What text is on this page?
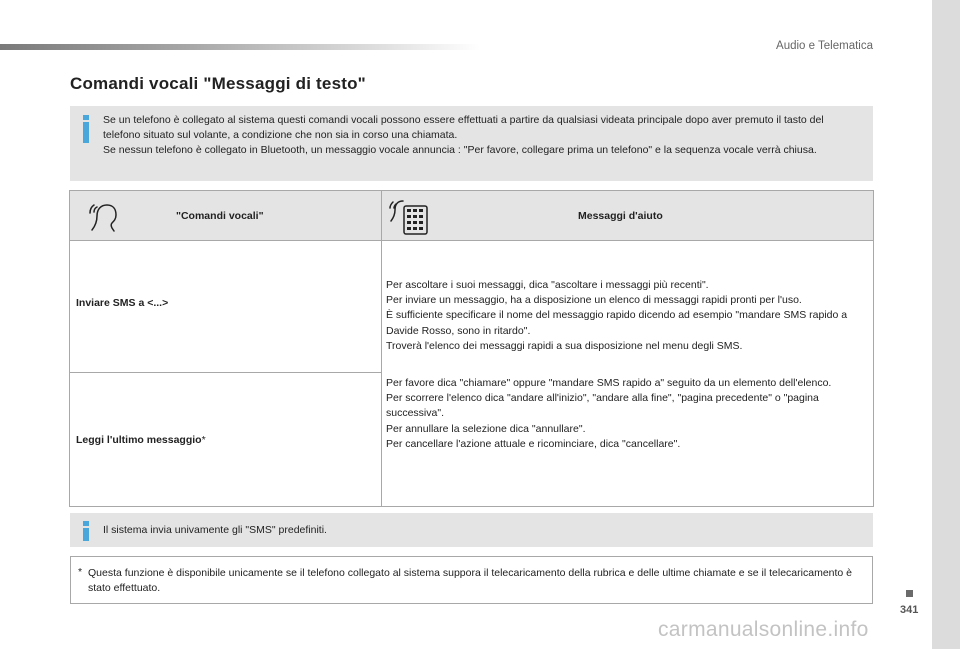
Audio e Telematica
Comandi vocali "Messaggi di testo"

Se un telefono è collegato al sistema questi comandi vocali possono essere effettuati a partire da qualsiasi videata principale dopo aver premuto il tasto del telefono situato sul volante, a condizione che non sia in corso una chiamata.

Se nessun telefono è collegato in Bluetooth, un messaggio vocale annuncia : "Per favore, collegare prima un telefono" e la sequenza vocale verrà chiusa.

"Comandi vocali"	Messaggi d'aiuto
Inviare SMS a <...>
Leggi l'ultimo messaggio*
Per ascoltare i suoi messaggi, dica "ascoltare i messaggi più recenti".
Per inviare un messaggio, ha a disposizione un elenco di messaggi rapidi pronti per l'uso.
È sufficiente specificare il nome del messaggio rapido dicendo ad esempio "mandare SMS rapido a Davide Rosso, sono in ritardo".
Troverà l'elenco dei messaggi rapidi a sua disposizione nel menu degli SMS.
Per favore dica "chiamare" oppure "mandare SMS rapido a" seguito da un elemento dell'elenco.
Per scorrere l'elenco dica "andare all'inizio", "andare alla fine", "pagina precedente" o "pagina successiva".
Per annullare la selezione dica "annullare".
Per cancellare l'azione attuale e ricominciare, dica "cancellare".
Il sistema invia univamente gli "SMS" predefiniti.
* Questa funzione è disponibile unicamente se il telefono collegato al sistema suppora il telecaricamento della rubrica e delle ultime chiamate e se il telecaricamento è stato effettuato.
341
carmanualsonline.info
